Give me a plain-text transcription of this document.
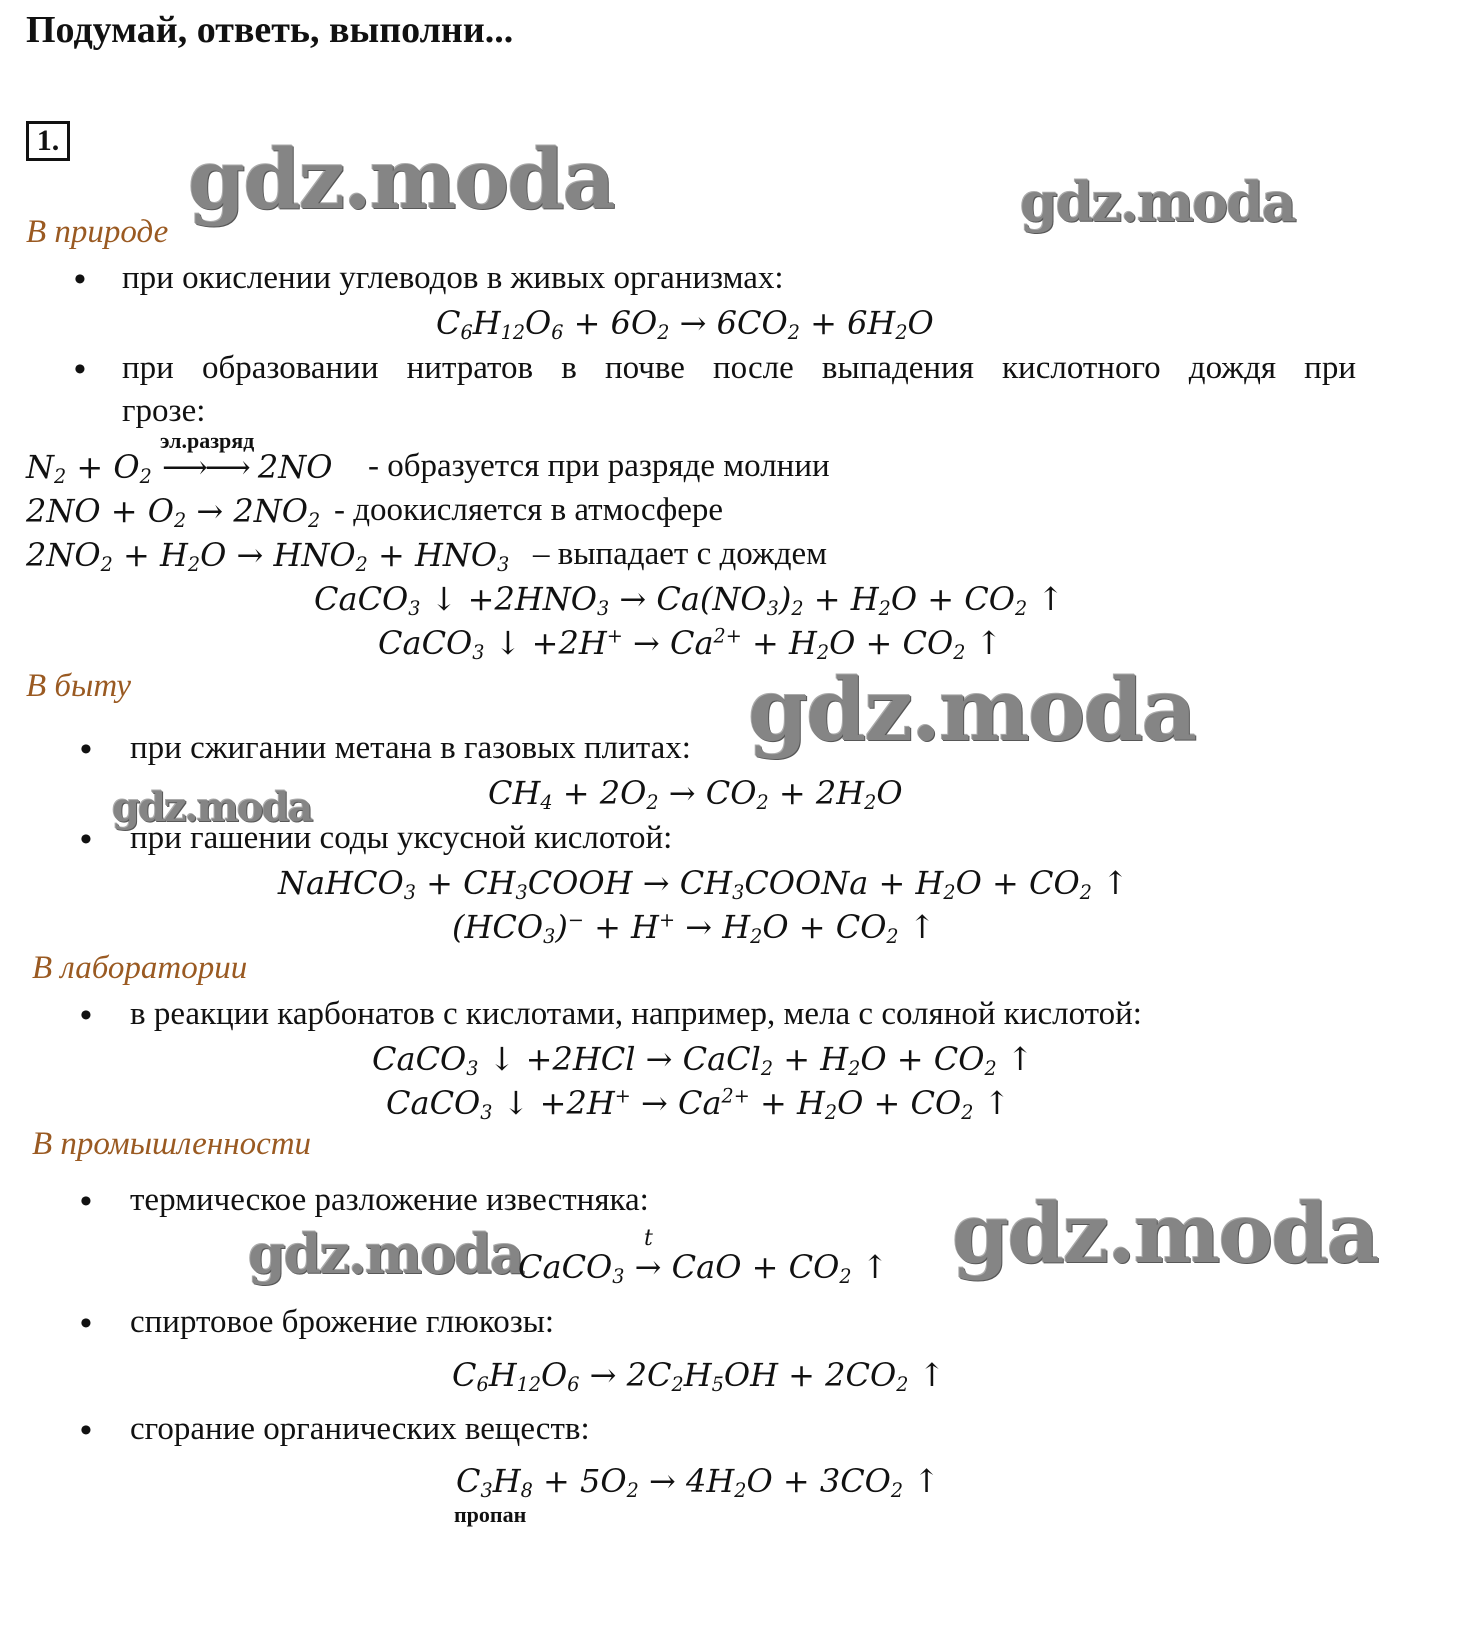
Подумай, ответь, выполни...
1. gdz.moda	gdz.moda
gdz.moda
gdz.moda
gdz.moda	gdz.moda
В природе
• при окислении углеводов в живых организмах:
$C_6H_{12}O_6 + 6O_2 \to 6CO_2 + 6H_2O$
• при образовании нитратов в почве после выпадения кислотного дождя при
грозе:
эл.разряд
$N_2 + O_2$ ⟶⟶ 2NO - образуется при разряде молнии
$2NO + O_2 \to 2NO_2$ - доокисляется в атмосфере
$2NO_2 + H_2O \to HNO_2 + HNO_3$ – выпадает с дождем
CaCO$_3$ ↓ $+2HNO_3 \to Ca(NO_3)_2 + H_2O + CO_2$ ↑
CaCO$_3$ ↓ $+2H^+ \to Ca^{2+} + H_2O + CO_2$ ↑
В быту
• при сжигании метана в газовых плитах:
$CH_4 + 2O_2 \to CO_2 + 2H_2O$
• при гашении соды уксусной кислотой:
NaHCO$_3$ + $CH_3COOH$ → $CH_3COONa + H_2O + CO_2$ ↑
$(HCO_3)^- + H^+ \to H_2O + CO_2$ ↑
В лаборатории
• в реакции карбонатов с кислотами, например, мела с соляной кислотой:
CaCO$_3$ ↓ +2HCl → CaCl$_2$ + $H_2O + CO_2$ ↑
CaCO$_3$ ↓ $+2H^+ \to Ca^{2+} + H_2O + CO_2$ ↑
В промышленности
• термическое разложение известняка:
t
CaCO$_3$ → CaO + $CO_2$ ↑
• спиртовое брожение глюкозы:
$C_6H_{12}O_6 \to 2C_2H_5OH + 2CO_2$ ↑
• сгорание органических веществ:
$C_3H_8 + 5O_2 \to 4H_2O + 3CO_2$ ↑
пропан
